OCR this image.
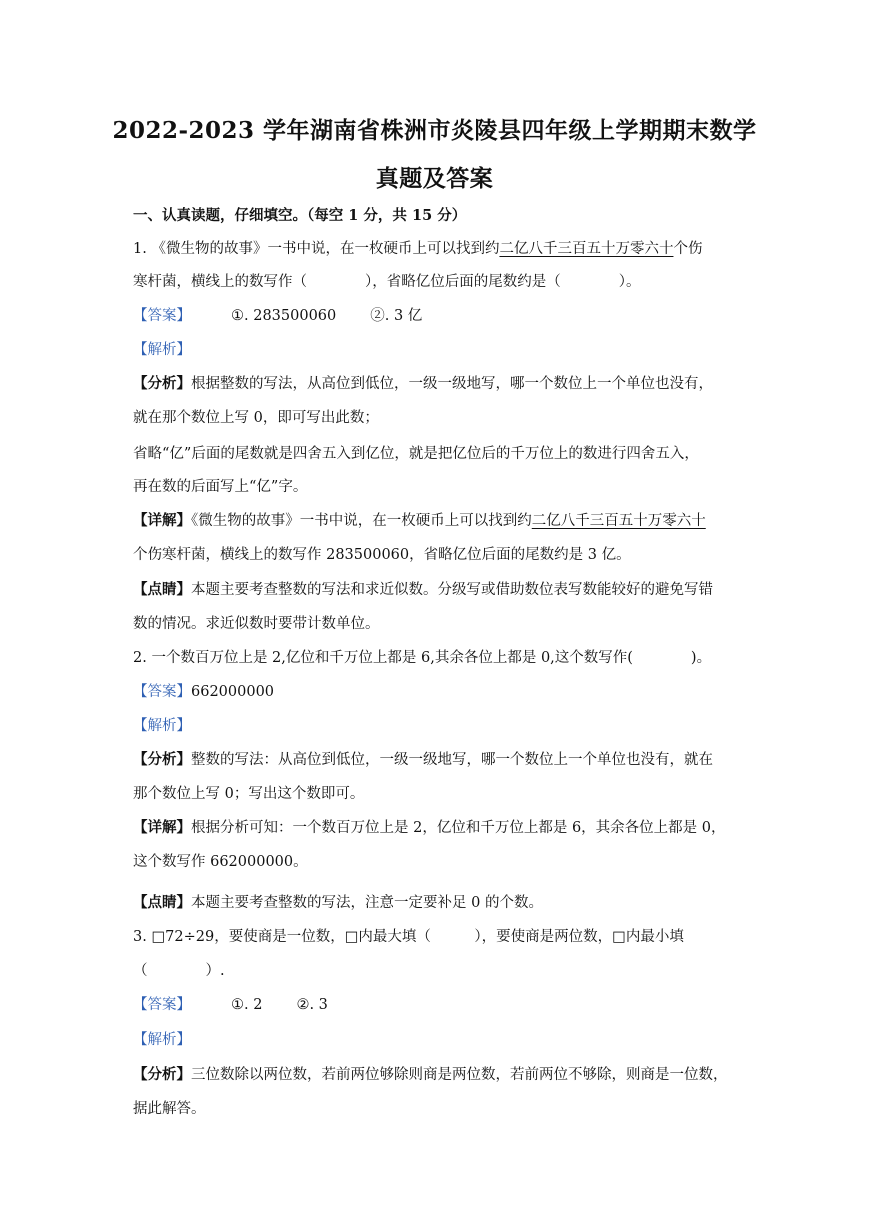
2022-2023 学年湖南省株洲市炎陵县四年级上学期期末数学
真题及答案
一、认真读题，仔细填空。（每空 1 分，共 15 分）
1. 《微生物的故事》一书中说，在一枚硬币上可以找到约二亿八千三百五十万零六十个伤
寒杆菌，横线上的数写作（　　　　），省略亿位后面的尾数约是（　　　　）。
【答案】	①. 283500060 ②. 3 亿
【解析】
【分析】根据整数的写法，从高位到低位，一级一级地写，哪一个数位上一个单位也没有，
就在那个数位上写 0，即可写出此数；
省略“亿”后面的尾数就是四舍五入到亿位，就是把亿位后的千万位上的数进行四舍五入，
再在数的后面写上“亿”字。
【详解】《微生物的故事》一书中说，在一枚硬币上可以找到约二亿八千三百五十万零六十
个伤寒杆菌，横线上的数写作 283500060，省略亿位后面的尾数约是 3 亿。
【点睛】本题主要考查整数的写法和求近似数。分级写或借助数位表写数能较好的避免写错
数的情况。求近似数时要带计数单位。
2. 一个数百万位上是 2,亿位和千万位上都是 6,其余各位上都是 0,这个数写作(　　　　)。
【答案】662000000
【解析】
【分析】整数的写法：从高位到低位，一级一级地写，哪一个数位上一个单位也没有，就在
那个数位上写 0；写出这个数即可。
【详解】根据分析可知：一个数百万位上是 2，亿位和千万位上都是 6，其余各位上都是 0，
这个数写作 662000000。
【点睛】本题主要考查整数的写法，注意一定要补足 0 的个数。
3. □72÷29，要使商是一位数，□内最大填（　　　），要使商是两位数，□内最小填
（　　　　）.
【答案】	①. 2 ②. 3
【解析】
【分析】三位数除以两位数，若前两位够除则商是两位数，若前两位不够除，则商是一位数，
据此解答。
